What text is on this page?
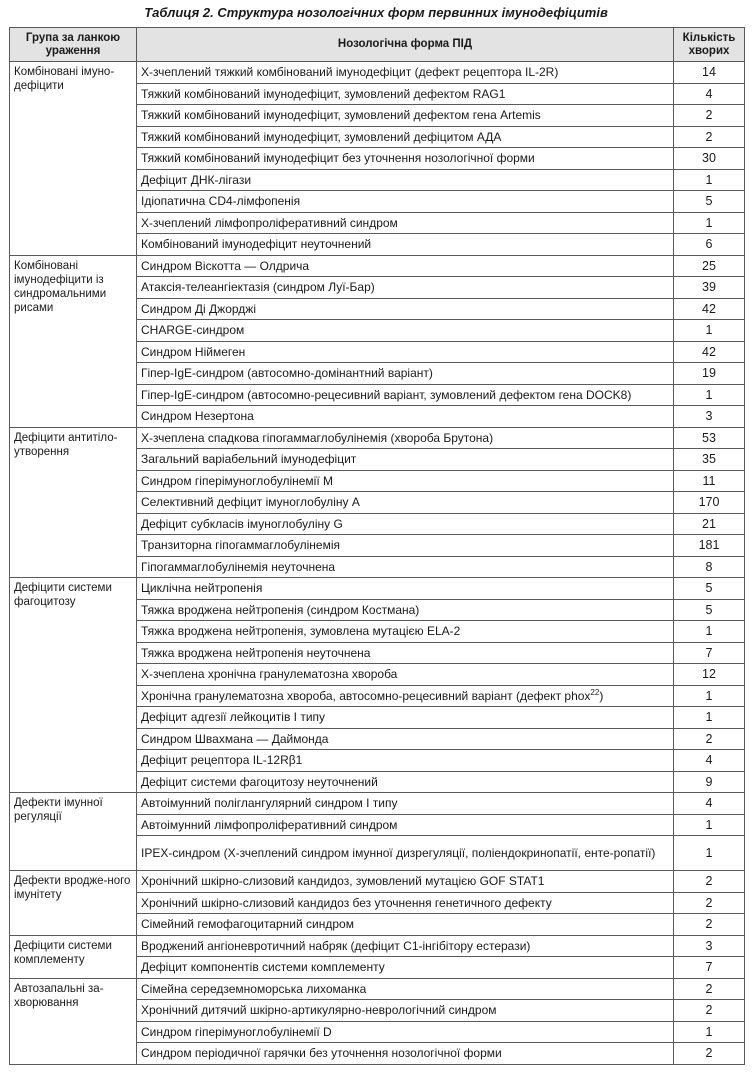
Таблиця 2. Структура нозологічних форм первинних імунодефіцитів
Група за ланкою ураження	Нозологічна форма ПІД	Кількість хворих
Комбіновані імуно-дефіцити	Х-зчеплений тяжкий комбінований імунодефіцит (дефект рецептора IL-2R)	14
	Тяжкий комбінований імунодефіцит, зумовлений дефектом RAG1	4
	Тяжкий комбінований імунодефіцит, зумовлений дефектом гена Artemis	2
	Тяжкий комбінований імунодефіцит, зумовлений дефіцитом АДА	2
	Тяжкий комбінований імунодефіцит без уточнення нозологічної форми	30
	Дефіцит ДНК-лігази	1
	Ідіопатична CD4-лімфопенія	5
	Х-зчеплений лімфопроліферативний синдром	1
	Комбінований імунодефіцит неуточнений	6
Комбіновані імунодефіцити із синдромальними рисами	Синдром Віскотта — Олдрича	25
	Атаксія-телеангіектазія (синдром Луї-Бар)	39
	Синдром Ді Джорджі	42
	CHARGE-синдром	1
	Синдром Ніймеген	42
	Гіпер-IgE-синдром (автосомно-домінантний варіант)	19
	Гіпер-IgE-синдром (автосомно-рецесивний варіант, зумовлений дефектом гена DOCK8)	1
	Синдром Незертона	3
Дефіцити антитіло-утворення	Х-зчеплена спадкова гіпогаммаглобулінемія (хвороба Брутона)	53
	Загальний варіабельний імунодефіцит	35
	Синдром гіперімуноглобулінемії М	11
	Селективний дефіцит імуноглобуліну А	170
	Дефіцит субкласів імуноглобуліну G	21
	Транзиторна гіпогаммаглобулінемія	181
	Гіпогаммаглобулінемія неуточнена	8
Дефіцити системи фагоцитозу	Циклічна нейтропенія	5
	Тяжка вроджена нейтропенія (синдром Костмана)	5
	Тяжка вроджена нейтропенія, зумовлена мутацією ELA-2	1
	Тяжка вроджена нейтропенія неуточнена	7
	Х-зчеплена хронічна гранулематозна хвороба	12
	Хронічна гранулематозна хвороба, автосомно-рецесивний варіант (дефект phox$^{22}$)	1
	Дефіцит адгезії лейкоцитів І типу	1
	Синдром Швахмана — Даймонда	2
	Дефіцит рецептора IL-12Rβ1	4
	Дефіцит системи фагоцитозу неуточнений	9
Дефекти імунної регуляції	Автоімунний поліглангулярний синдром І типу	4
	Автоімунний лімфопроліферативний синдром	1
	IPEX-синдром (Х-зчеплений синдром імунної дизрегуляції, поліендокринопатії, енте-ропатії)	1
Дефекти вродже-ного імунітету	Хронічний шкірно-слизовий кандидоз, зумовлений мутацією GOF STAT1	2
	Хронічний шкірно-слизовий кандидоз без уточнення генетичного дефекту	2
	Сімейний гемофагоцитарний синдром	2
Дефіцити системи комплементу	Вроджений ангіоневротичний набряк (дефіцит С1-інгібітору естерази)	3
	Дефіцит компонентів системи комплементу	7
Автозапальні за-хворювання	Сімейна середземноморська лихоманка	2
	Хронічний дитячий шкірно-артикулярно-неврологічний синдром	2
	Синдром гіперімуноглобулінемії D	1
	Синдром періодичної гарячки без уточнення нозологічної форми	2
